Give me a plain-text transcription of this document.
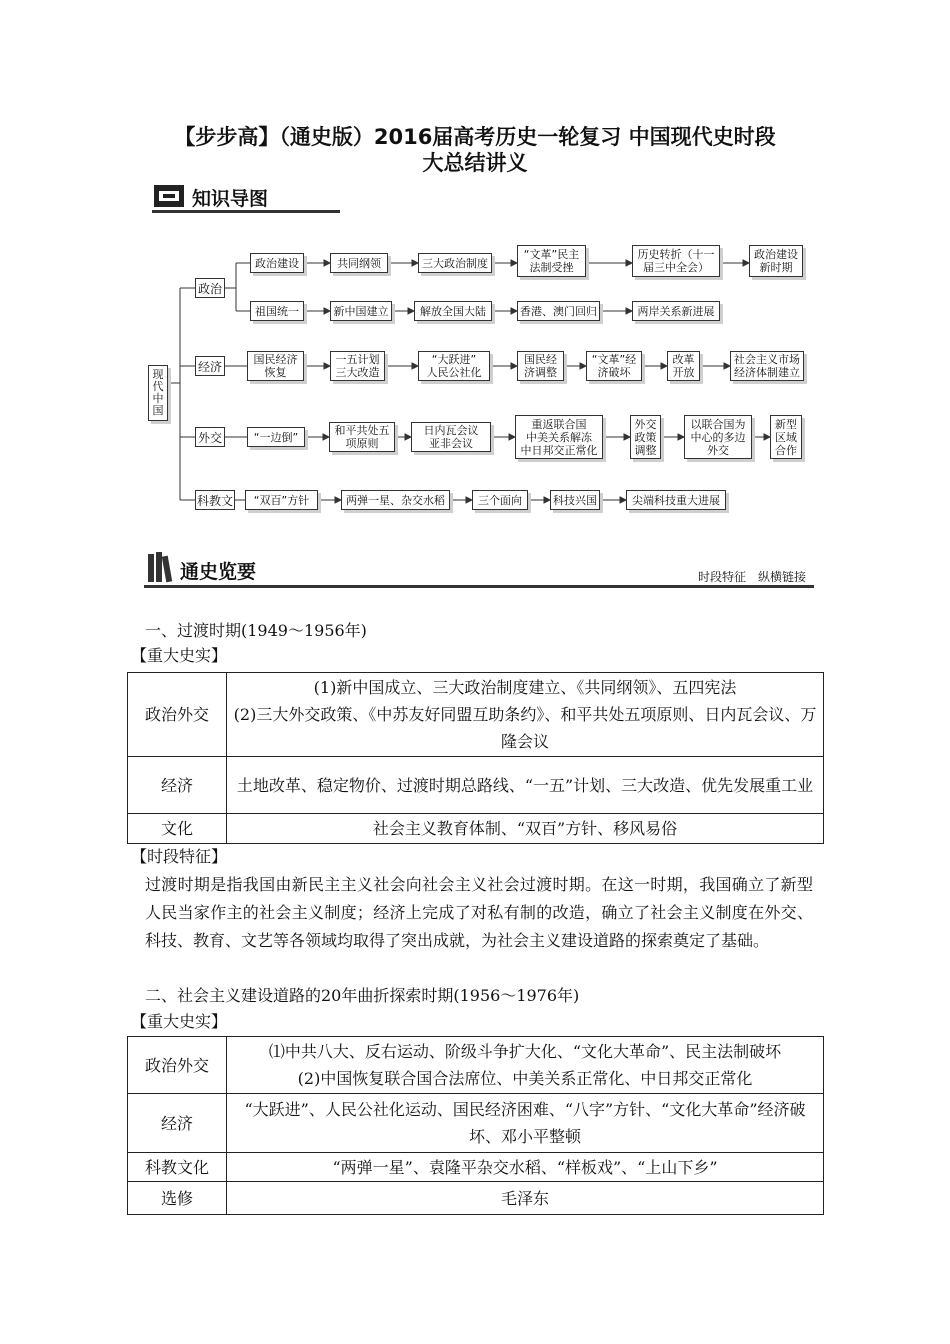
【步步高】（通史版）2016届高考历史一轮复习 中国现代史时段
大总结讲义
知识导图
现代中国
政治
经济
外交
科教文
政治建设	共同纲领	三大政治制度
“文革”民主
法制受挫
历史转折（十一
届三中全会）
政治建设
新时期
祖国统一	新中国建立	解放全国大陆	香港、澳门回归	两岸关系新进展
国民经济
恢复
一五计划
三大改造
“大跃进”
人民公社化
国民经
济调整
“文革”经
济破坏
改革
开放
社会主义市场
经济体制建立
“一边倒”	和平共处五
项原则
日内瓦会议
亚非会议
重返联合国
中美关系解冻
中日邦交正常化
外交
政策
调整
以联合国为
中心的多边
外交
新型
区域
合作
“双百”方针	两弹一星、杂交水稻	三个面向	科技兴国	尖端科技重大进展
通史览要	时段特征　纵横链接
一、过渡时期(1949～1956年)
【重大史实】
政治外交	(1)新中国成立、三大政治制度建立、《共同纲领》、五四宪法
(2)三大外交政策、《中苏友好同盟互助条约》、和平共处五项原则、日内瓦会议、万隆会议
经济	土地改革、稳定物价、过渡时期总路线、“一五”计划、三大改造、优先发展重工业
文化	社会主义教育体制、“双百”方针、移风易俗
【时段特征】
过渡时期是指我国由新民主主义社会向社会主义社会过渡时期。在这一时期，我国确立了新型人民当家作主的社会主义制度；经济上完成了对私有制的改造，确立了社会主义制度在外交、科技、教育、文艺等各领域均取得了突出成就，为社会主义建设道路的探索奠定了基础。
二、社会主义建设道路的20年曲折探索时期(1956～1976年)
【重大史实】
政治外交	⑴中共八大、反右运动、阶级斗争扩大化、“文化大革命”、民主法制破坏
(2)中国恢复联合国合法席位、中美关系正常化、中日邦交正常化
经济	“大跃进”、人民公社化运动、国民经济困难、“八字”方针、“文化大革命”经济破坏、邓小平整顿
科教文化	“两弹一星”、袁隆平杂交水稻、“样板戏”、“上山下乡”
选修	毛泽东
